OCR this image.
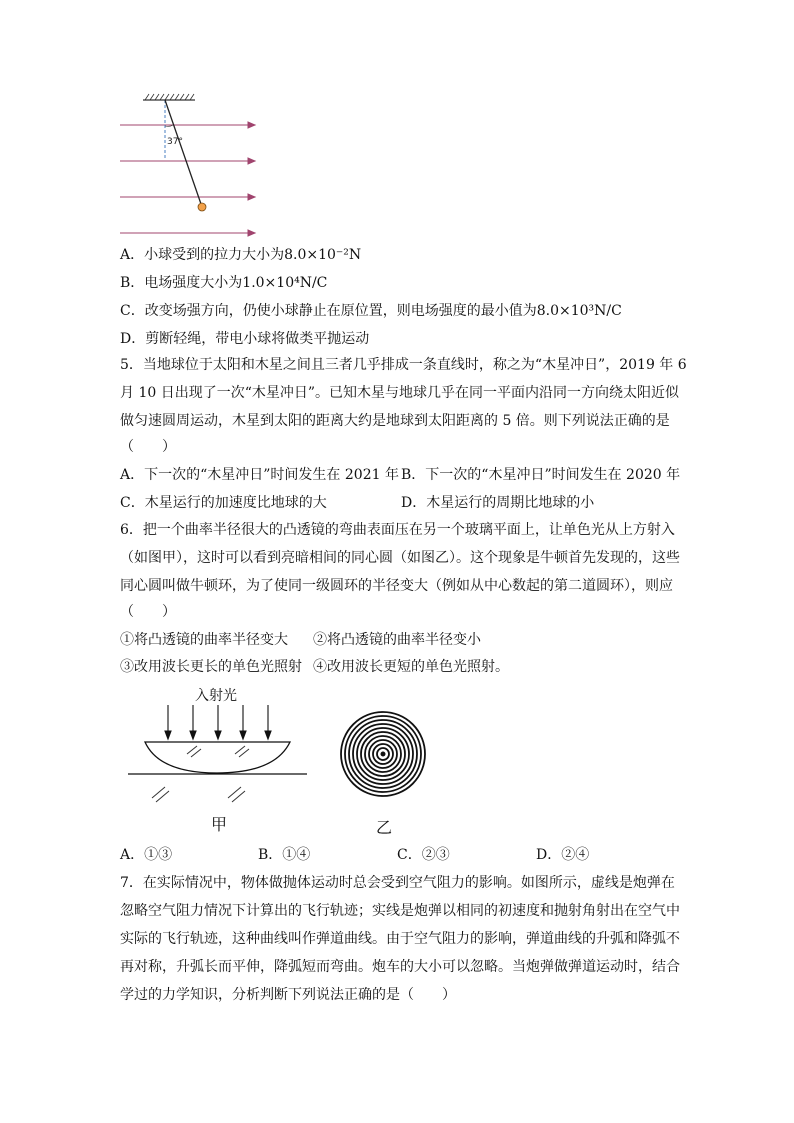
37°
A．小球受到的拉力大小为8.0×10⁻²N
B．电场强度大小为1.0×10⁴N/C
C．改变场强方向，仍使小球静止在原位置，则电场强度的最小值为8.0×10³N/C
D．剪断轻绳，带电小球将做类平抛运动
5．当地球位于太阳和木星之间且三者几乎排成一条直线时，称之为“木星冲日”，2019 年 6
月 10 日出现了一次“木星冲日”。已知木星与地球几乎在同一平面内沿同一方向绕太阳近似
做匀速圆周运动，木星到太阳的距离大约是地球到太阳距离的 5 倍。则下列说法正确的是
（　　）
A．下一次的“木星冲日”时间发生在 2021 年 B．下一次的“木星冲日”时间发生在 2020 年
C．木星运行的加速度比地球的大	D．木星运行的周期比地球的小
6．把一个曲率半径很大的凸透镜的弯曲表面压在另一个玻璃平面上，让单色光从上方射入
（如图甲），这时可以看到亮暗相间的同心圆（如图乙）。这个现象是牛顿首先发现的，这些
同心圆叫做牛顿环，为了使同一级圆环的半径变大（例如从中心数起的第二道圆环），则应
（　　）
①将凸透镜的曲率半径变大 ②将凸透镜的曲率半径变小
③改用波长更长的单色光照射 ④改用波长更短的单色光照射。
入射光
甲	乙
A．①③	B．①④	C．②③	D．②④
7．在实际情况中，物体做抛体运动时总会受到空气阻力的影响。如图所示，虚线是炮弹在
忽略空气阻力情况下计算出的飞行轨迹；实线是炮弹以相同的初速度和抛射角射出在空气中
实际的飞行轨迹，这种曲线叫作弹道曲线。由于空气阻力的影响，弹道曲线的升弧和降弧不
再对称，升弧长而平伸，降弧短而弯曲。炮车的大小可以忽略。当炮弹做弹道运动时，结合
学过的力学知识，分析判断下列说法正确的是（　　）
